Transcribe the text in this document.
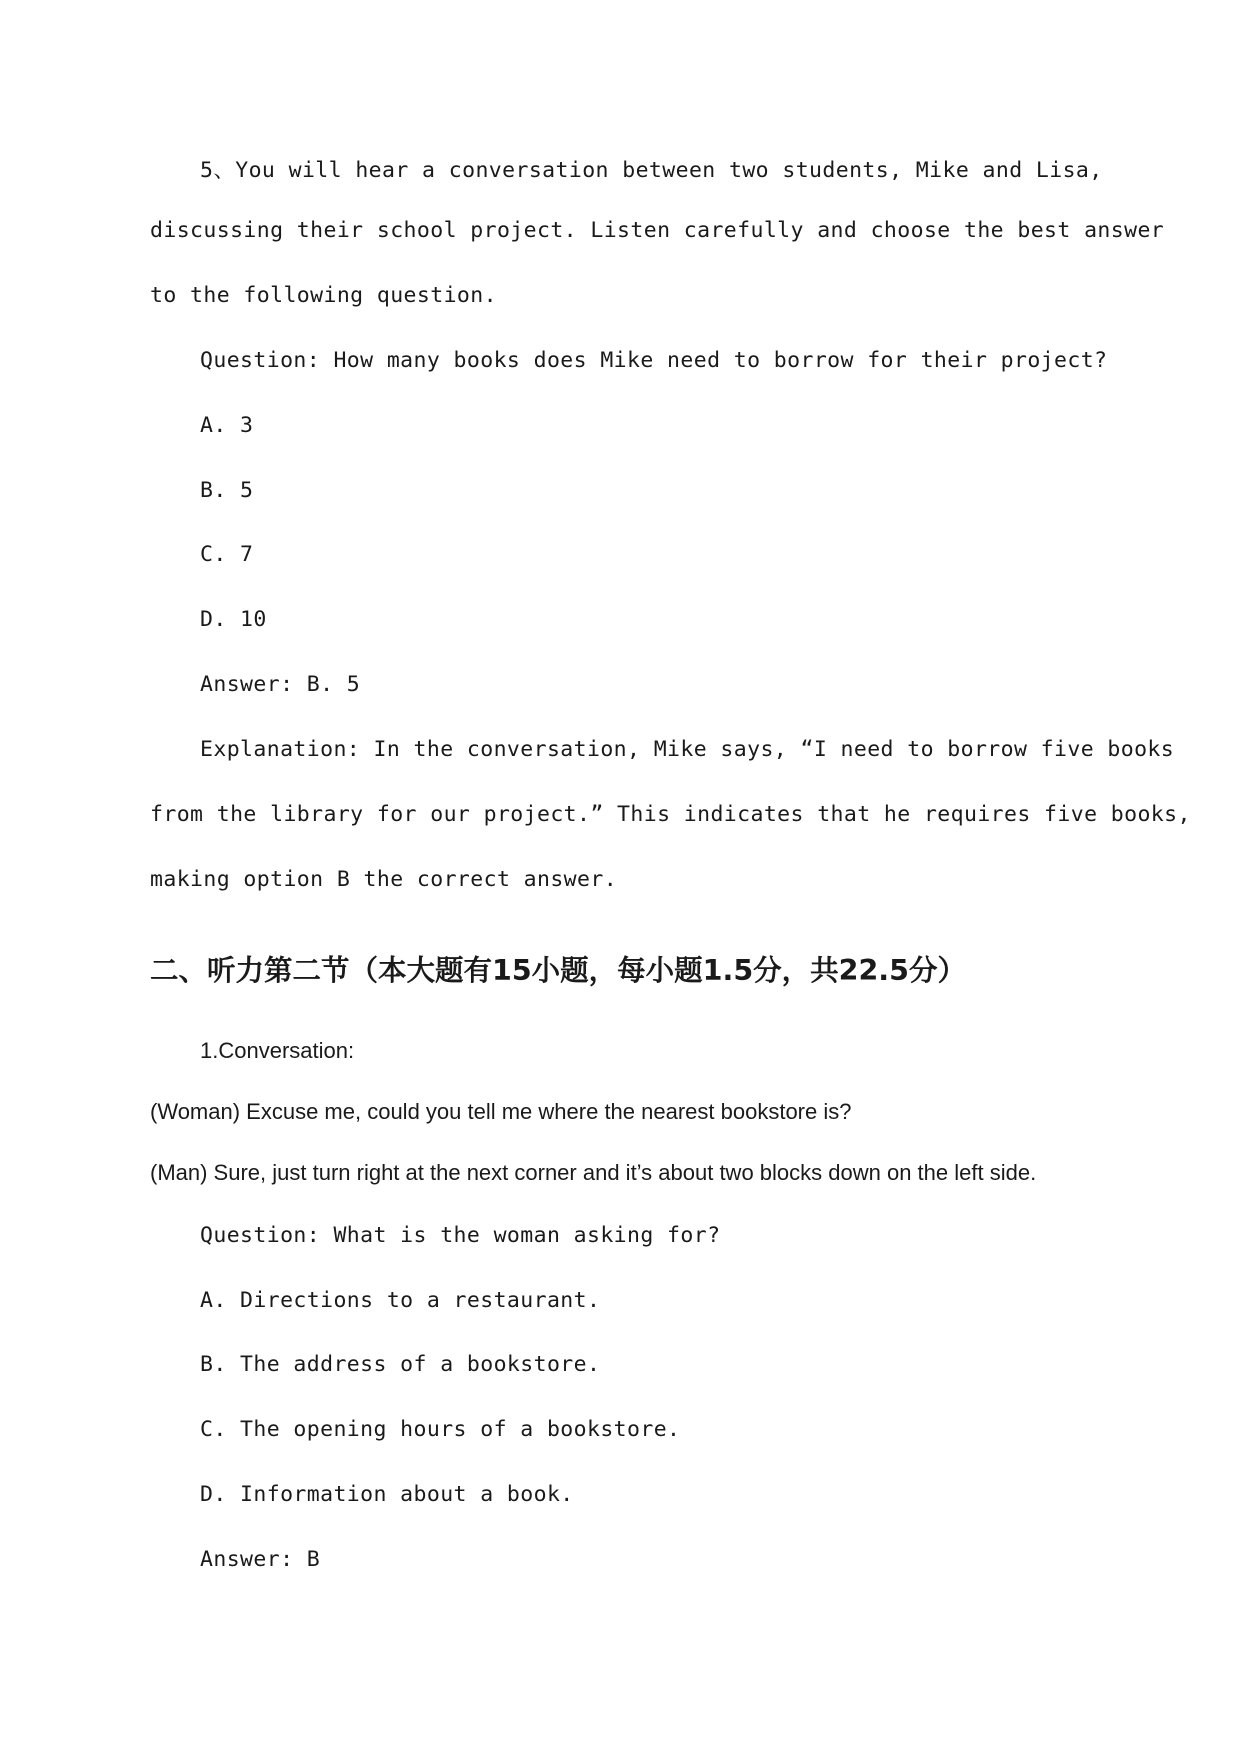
5、You will hear a conversation between two students, Mike and Lisa,
discussing their school project. Listen carefully and choose the best answer
to the following question.
Question: How many books does Mike need to borrow for their project?
A. 3
B. 5
C. 7
D. 10
Answer: B. 5
Explanation: In the conversation, Mike says, “I need to borrow five books
from the library for our project.” This indicates that he requires five books,
making option B the correct answer.
二、听力第二节（本大题有15小题，每小题1.5分，共22.5分）
1.Conversation:
(Woman) Excuse me, could you tell me where the nearest bookstore is?
(Man) Sure, just turn right at the next corner and it’s about two blocks down on the left side.
Question: What is the woman asking for?
A. Directions to a restaurant.
B. The address of a bookstore.
C. The opening hours of a bookstore.
D. Information about a book.
Answer: B
